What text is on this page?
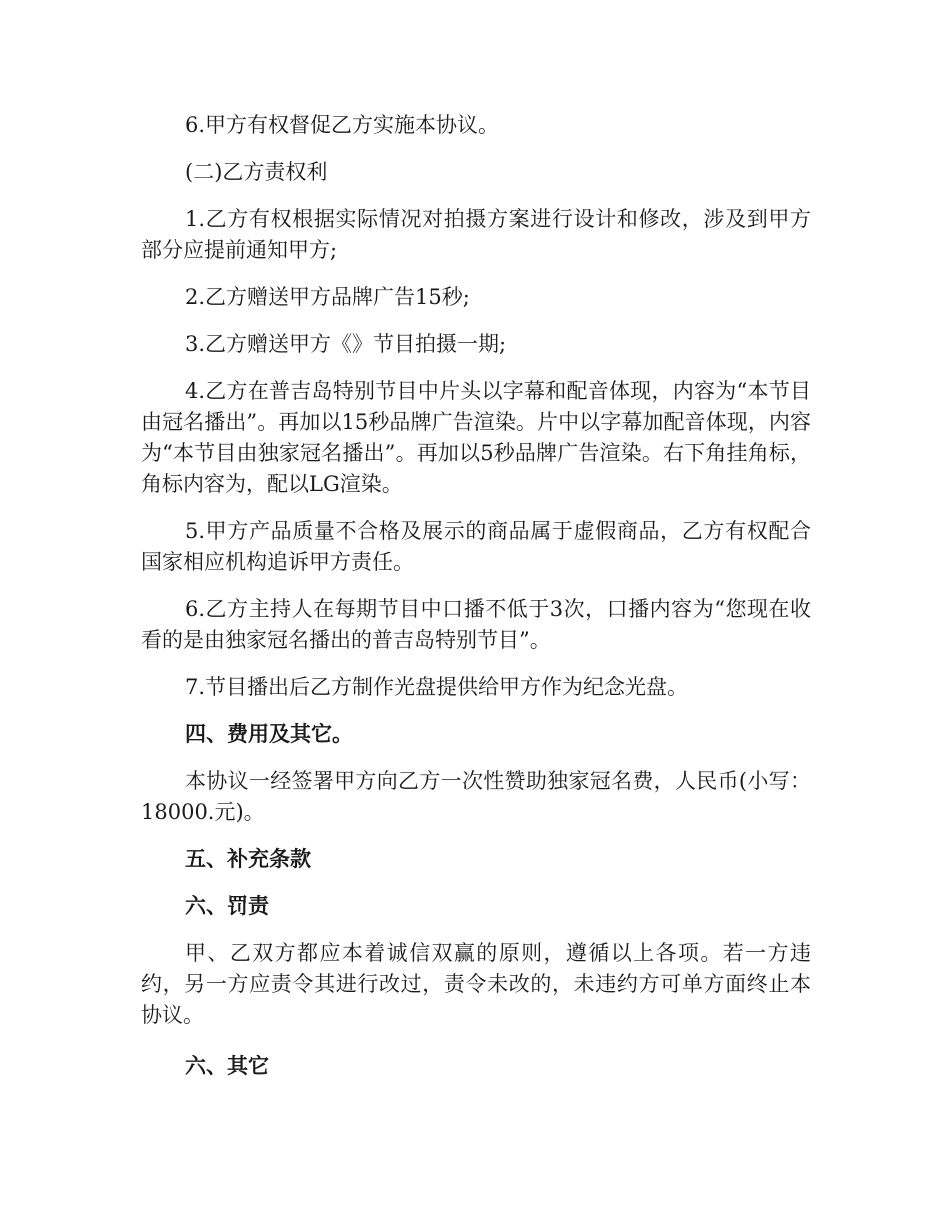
6.甲方有权督促乙方实施本协议。

(二)乙方责权利

1.乙方有权根据实际情况对拍摄方案进行设计和修改，涉及到甲方部分应提前通知甲方;

2.乙方赠送甲方品牌广告15秒;

3.乙方赠送甲方《》节目拍摄一期;

4.乙方在普吉岛特别节目中片头以字幕和配音体现，内容为“本节目由冠名播出”。再加以15秒品牌广告渲染。片中以字幕加配音体现，内容为“本节目由独家冠名播出”。再加以5秒品牌广告渲染。右下角挂角标，角标内容为，配以LG渲染。

5.甲方产品质量不合格及展示的商品属于虚假商品，乙方有权配合国家相应机构追诉甲方责任。

6.乙方主持人在每期节目中口播不低于3次，口播内容为“您现在收看的是由独家冠名播出的普吉岛特别节目”。

7.节目播出后乙方制作光盘提供给甲方作为纪念光盘。

四、费用及其它。

本协议一经签署甲方向乙方一次性赞助独家冠名费，人民币(小写：18000.元)。

五、补充条款

六、罚责

甲、乙双方都应本着诚信双赢的原则，遵循以上各项。若一方违约，另一方应责令其进行改过，责令未改的，未违约方可单方面终止本协议。

六、其它
